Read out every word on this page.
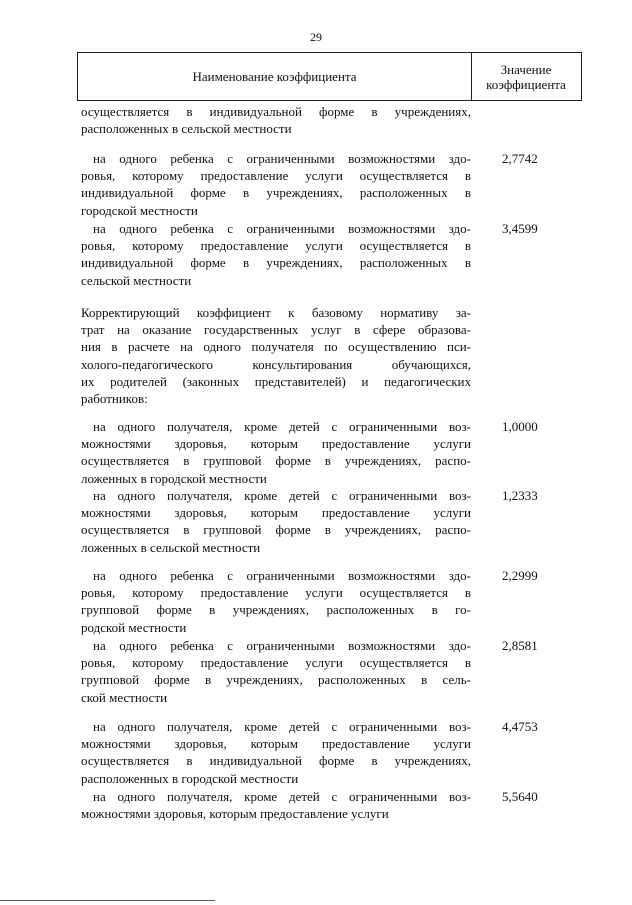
29
Наименование коэффициента	Значение
коэффициента
осуществляется в индивидуальной форме в учреждениях,
расположенных в сельской местности
на одного ребенка с ограниченными возможностями здо-
ровья, которому предоставление услуги осуществляется в
индивидуальной форме в учреждениях, расположенных в
городской местности
2,7742
на одного ребенка с ограниченными возможностями здо-
ровья, которому предоставление услуги осуществляется в
индивидуальной форме в учреждениях, расположенных в
сельской местности
3,4599
Корректирующий коэффициент к базовому нормативу за-
трат на оказание государственных услуг в сфере образова-
ния в расчете на одного получателя по осуществлению пси-
холого-педагогического консультирования обучающихся,
их родителей (законных представителей) и педагогических
работников:
на одного получателя, кроме детей с ограниченными воз-
можностями здоровья, которым предоставление услуги
осуществляется в групповой форме в учреждениях, распо-
ложенных в городской местности
1,0000
на одного получателя, кроме детей с ограниченными воз-
можностями здоровья, которым предоставление услуги
осуществляется в групповой форме в учреждениях, распо-
ложенных в сельской местности
1,2333
на одного ребенка с ограниченными возможностями здо-
ровья, которому предоставление услуги осуществляется в
групповой форме в учреждениях, расположенных в го-
родской местности
2,2999
на одного ребенка с ограниченными возможностями здо-
ровья, которому предоставление услуги осуществляется в
групповой форме в учреждениях, расположенных в сель-
ской местности
2,8581
на одного получателя, кроме детей с ограниченными воз-
можностями здоровья, которым предоставление услуги
осуществляется в индивидуальной форме в учреждениях,
расположенных в городской местности
4,4753
на одного получателя, кроме детей с ограниченными воз-
можностями здоровья, которым предоставление услуги
5,5640
